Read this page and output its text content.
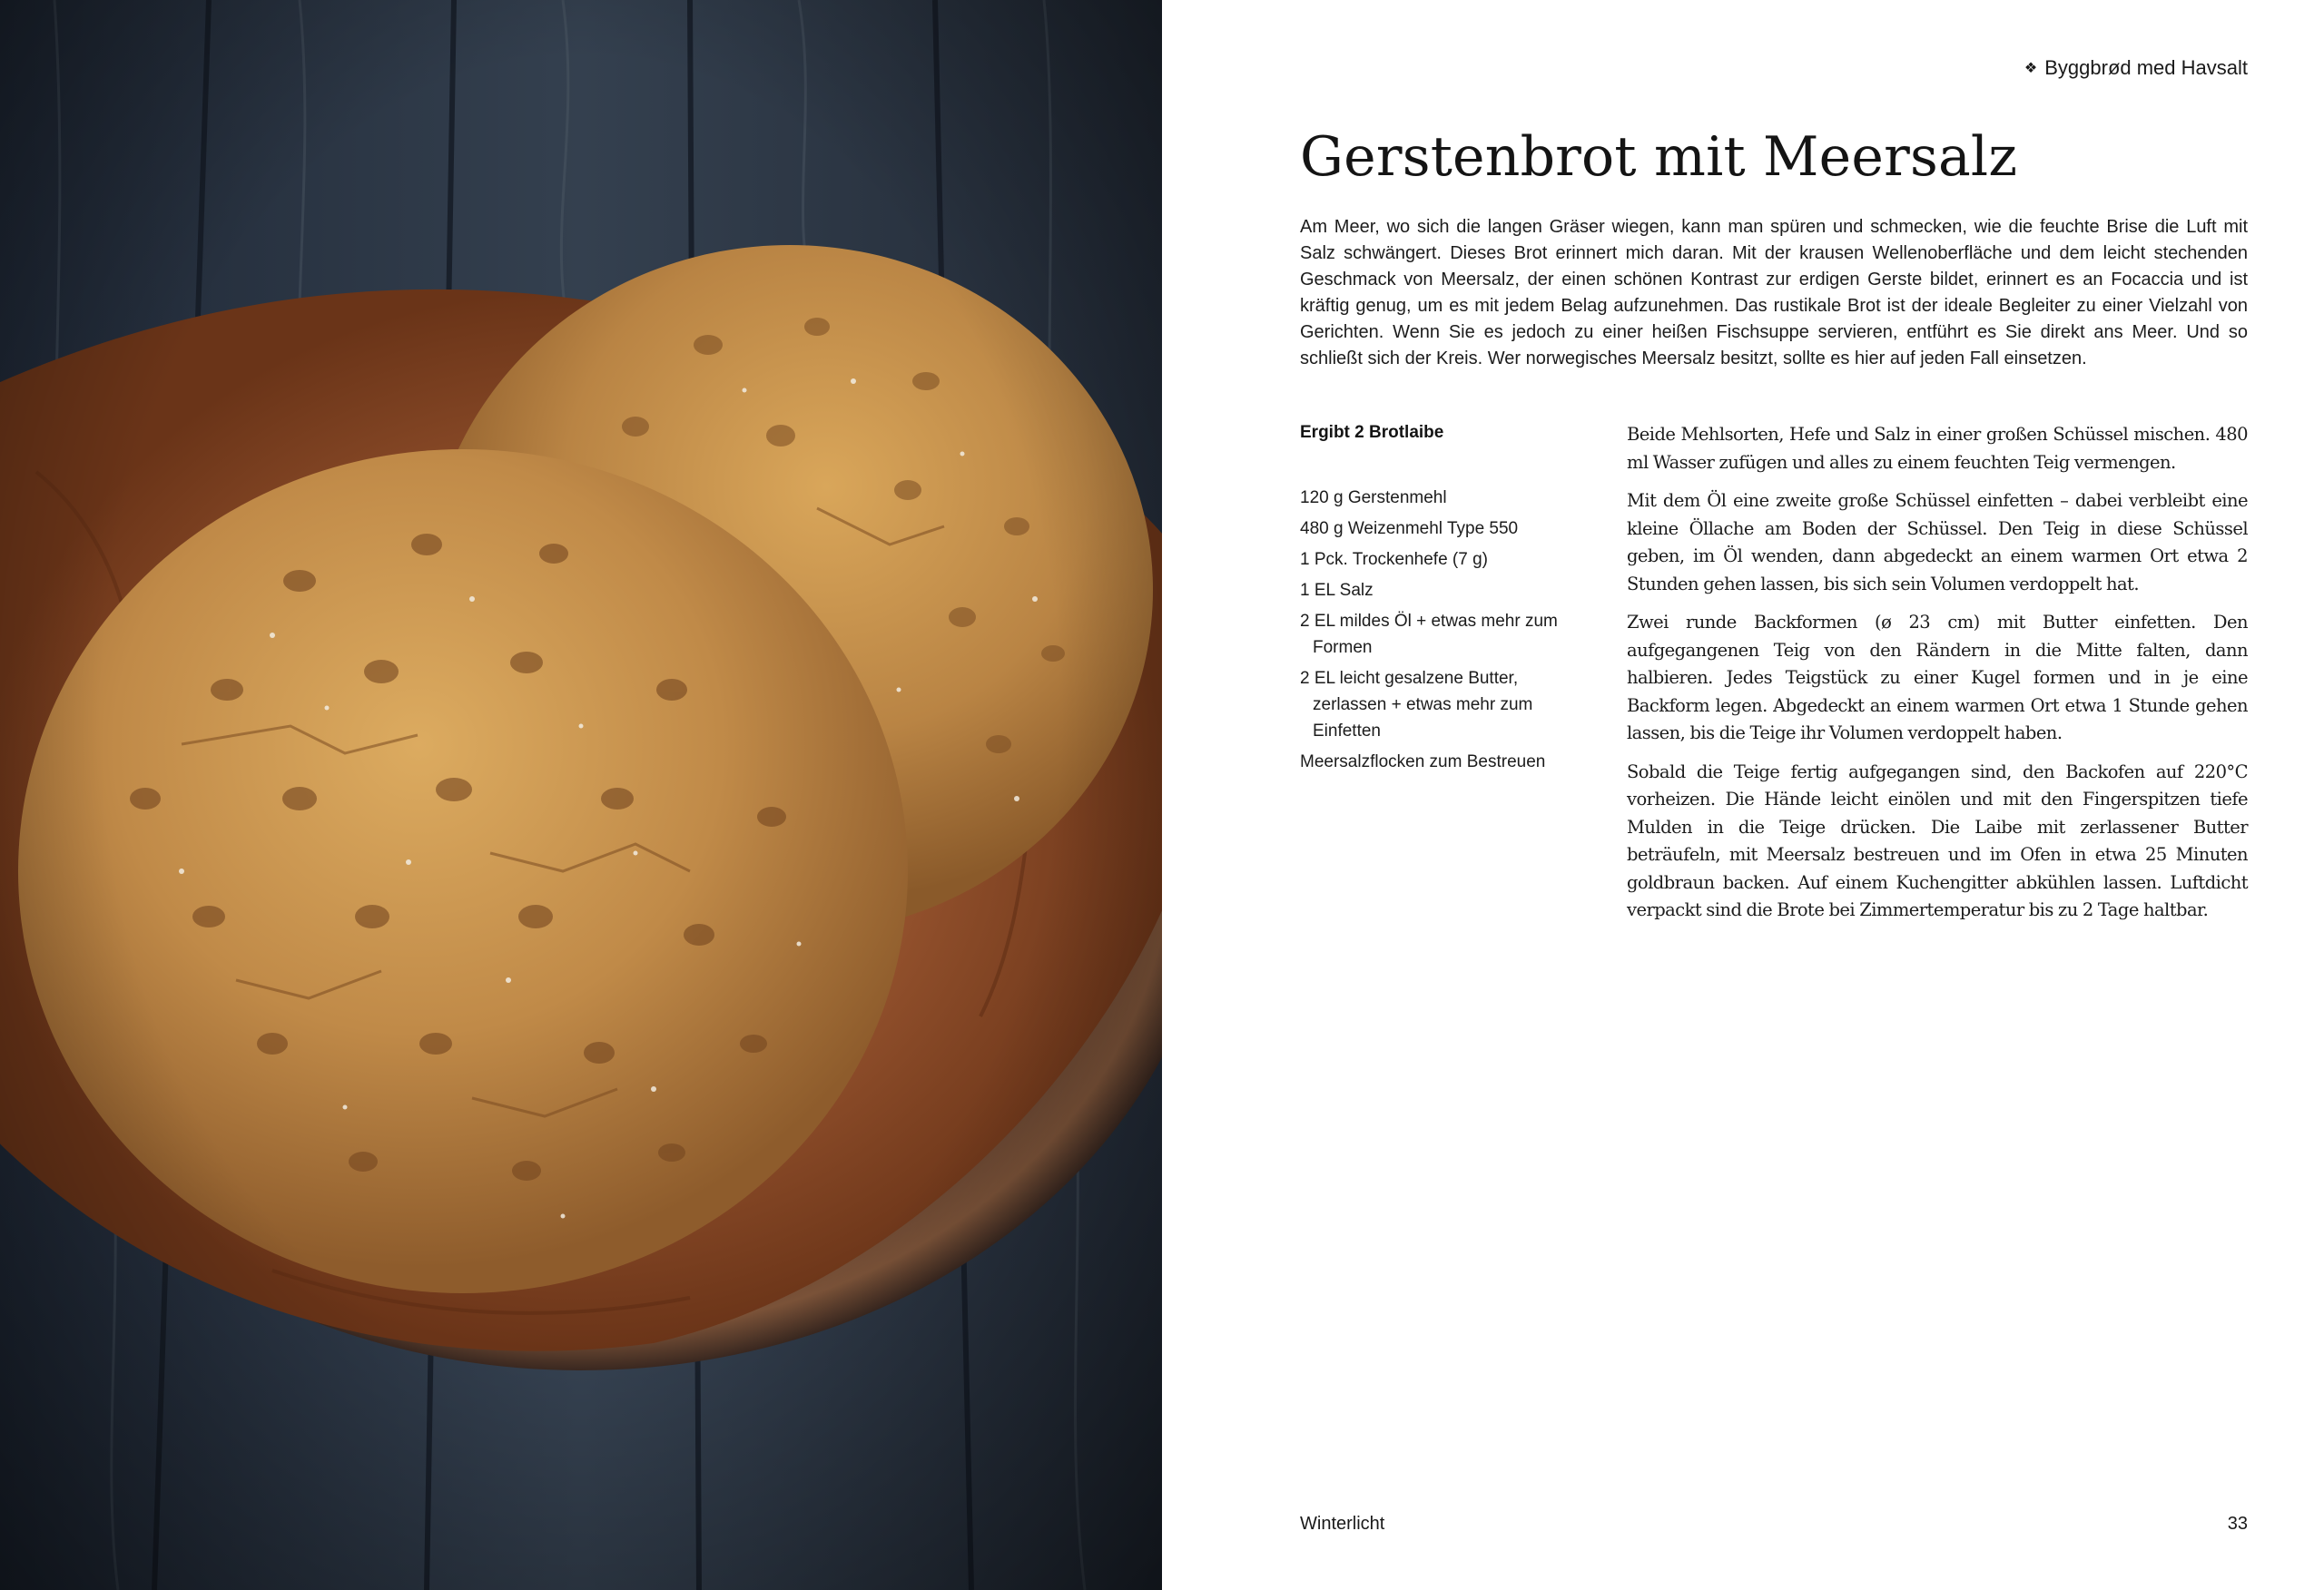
❖ Byggbrød med Havsalt
Gerstenbrot mit Meersalz

Am Meer, wo sich die langen Gräser wiegen, kann man spüren und schmecken, wie die feuchte Brise die Luft mit Salz schwängert. Dieses Brot erinnert mich daran. Mit der krausen Wellenoberfläche und dem leicht stechenden Geschmack von Meersalz, der einen schönen Kontrast zur erdigen Gerste bildet, erinnert es an Focaccia und ist kräftig genug, um es mit jedem Belag aufzunehmen. Das rustikale Brot ist der ideale Begleiter zu einer Vielzahl von Gerichten. Wenn Sie es jedoch zu einer heißen Fischsuppe servieren, entführt es Sie direkt ans Meer. Und so schließt sich der Kreis. Wer norwegisches Meersalz besitzt, sollte es hier auf jeden Fall einsetzen.

Ergibt 2 Brotlaibe

120 g Gerstenmehl
480 g Weizenmehl Type 550
1 Pck. Trockenhefe (7 g)
1 EL Salz
2 EL mildes Öl + etwas mehr zum Formen
2 EL leicht gesalzene Butter, zerlassen + etwas mehr zum Einfetten
Meersalzflocken zum Bestreuen

Beide Mehlsorten, Hefe und Salz in einer großen Schüssel mischen. 480 ml Wasser zufügen und alles zu einem feuchten Teig vermengen.

Mit dem Öl eine zweite große Schüssel einfetten – dabei verbleibt eine kleine Öllache am Boden der Schüssel. Den Teig in diese Schüssel geben, im Öl wenden, dann abgedeckt an einem warmen Ort etwa 2 Stunden gehen lassen, bis sich sein Volumen verdoppelt hat.

Zwei runde Backformen (ø 23 cm) mit Butter einfetten. Den aufgegangenen Teig von den Rändern in die Mitte falten, dann halbieren. Jedes Teigstück zu einer Kugel formen und in je eine Backform legen. Abgedeckt an einem warmen Ort etwa 1 Stunde gehen lassen, bis die Teige ihr Volumen verdoppelt haben.

Sobald die Teige fertig aufgegangen sind, den Backofen auf 220°C vorheizen. Die Hände leicht einölen und mit den Fingerspitzen tiefe Mulden in die Teige drücken. Die Laibe mit zerlassener Butter beträufeln, mit Meersalz bestreuen und im Ofen in etwa 25 Minuten goldbraun backen. Auf einem Kuchengitter abkühlen lassen. Luftdicht verpackt sind die Brote bei Zimmertemperatur bis zu 2 Tage haltbar.

Winterlicht	33
